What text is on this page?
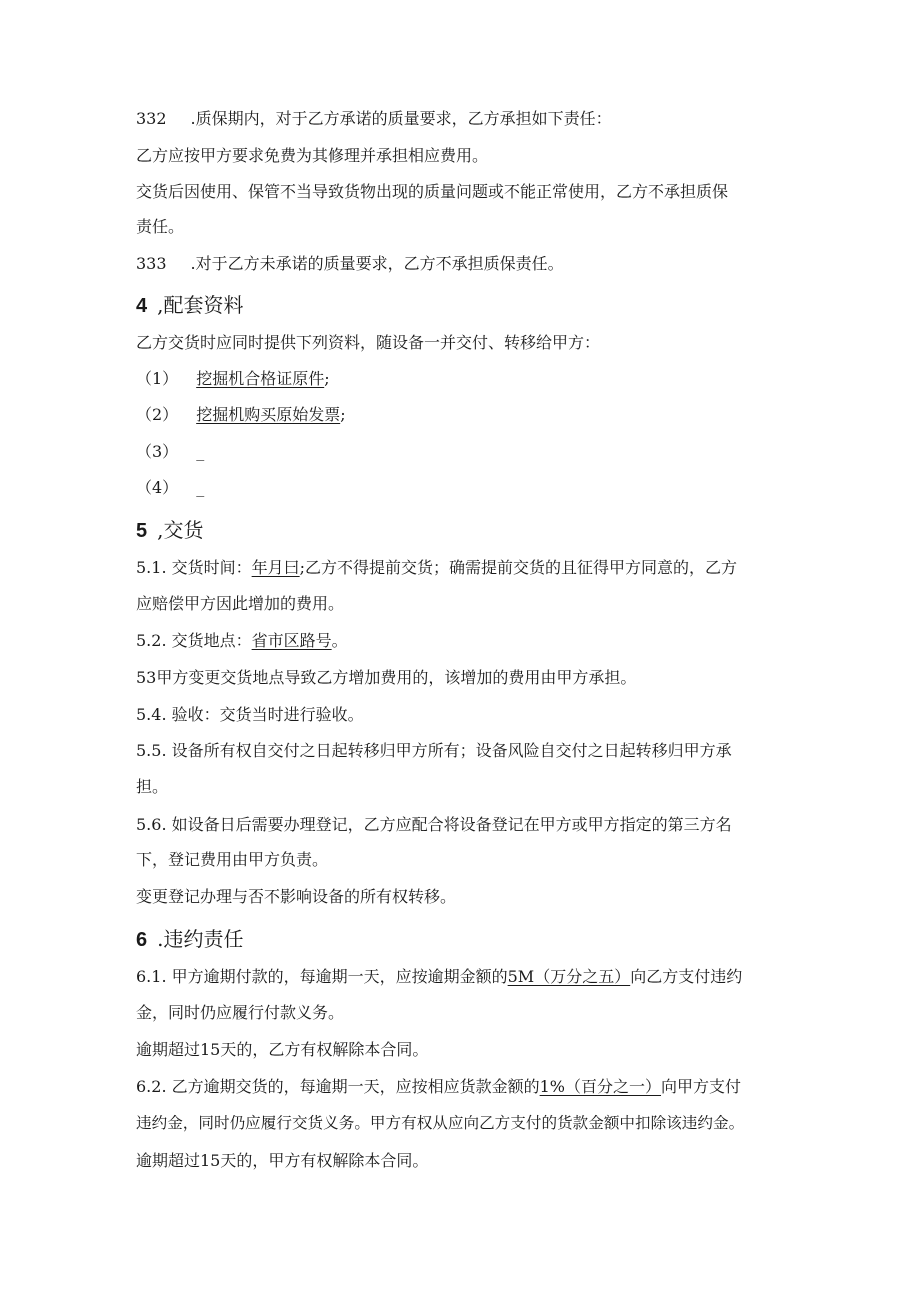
332 .质保期内，对于乙方承诺的质量要求，乙方承担如下责任：
乙方应按甲方要求免费为其修理并承担相应费用。
交货后因使用、保管不当导致货物出现的质量问题或不能正常使用，乙方不承担质保
责任。
333 .对于乙方未承诺的质量要求，乙方不承担质保责任。
4 ,配套资料
乙方交货时应同时提供下列资料，随设备一并交付、转移给甲方：
（1） 挖掘机合格证原件;
（2） 挖掘机购买原始发票;
（3） _
（4） _
5 ,交货
5.1. 交货时间：年月曰;乙方不得提前交货；确需提前交货的且征得甲方同意的，乙方
应赔偿甲方因此增加的费用。
5.2. 交货地点：省市区路号。
53甲方变更交货地点导致乙方增加费用的，该增加的费用由甲方承担。
5.4. 验收：交货当时进行验收。
5.5. 设备所有权自交付之日起转移归甲方所有；设备风险自交付之日起转移归甲方承
担。
5.6. 如设备日后需要办理登记，乙方应配合将设备登记在甲方或甲方指定的第三方名
下，登记费用由甲方负责。
变更登记办理与否不影响设备的所有权转移。
6 .违约责任
6.1. 甲方逾期付款的，每逾期一天，应按逾期金额的5M（万分之五）向乙方支付违约
金，同时仍应履行付款义务。
逾期超过15天的，乙方有权解除本合同。
6.2. 乙方逾期交货的，每逾期一天，应按相应货款金额的1%（百分之一）向甲方支付
违约金，同时仍应履行交货义务。甲方有权从应向乙方支付的货款金额中扣除该违约金。
逾期超过15天的，甲方有权解除本合同。
